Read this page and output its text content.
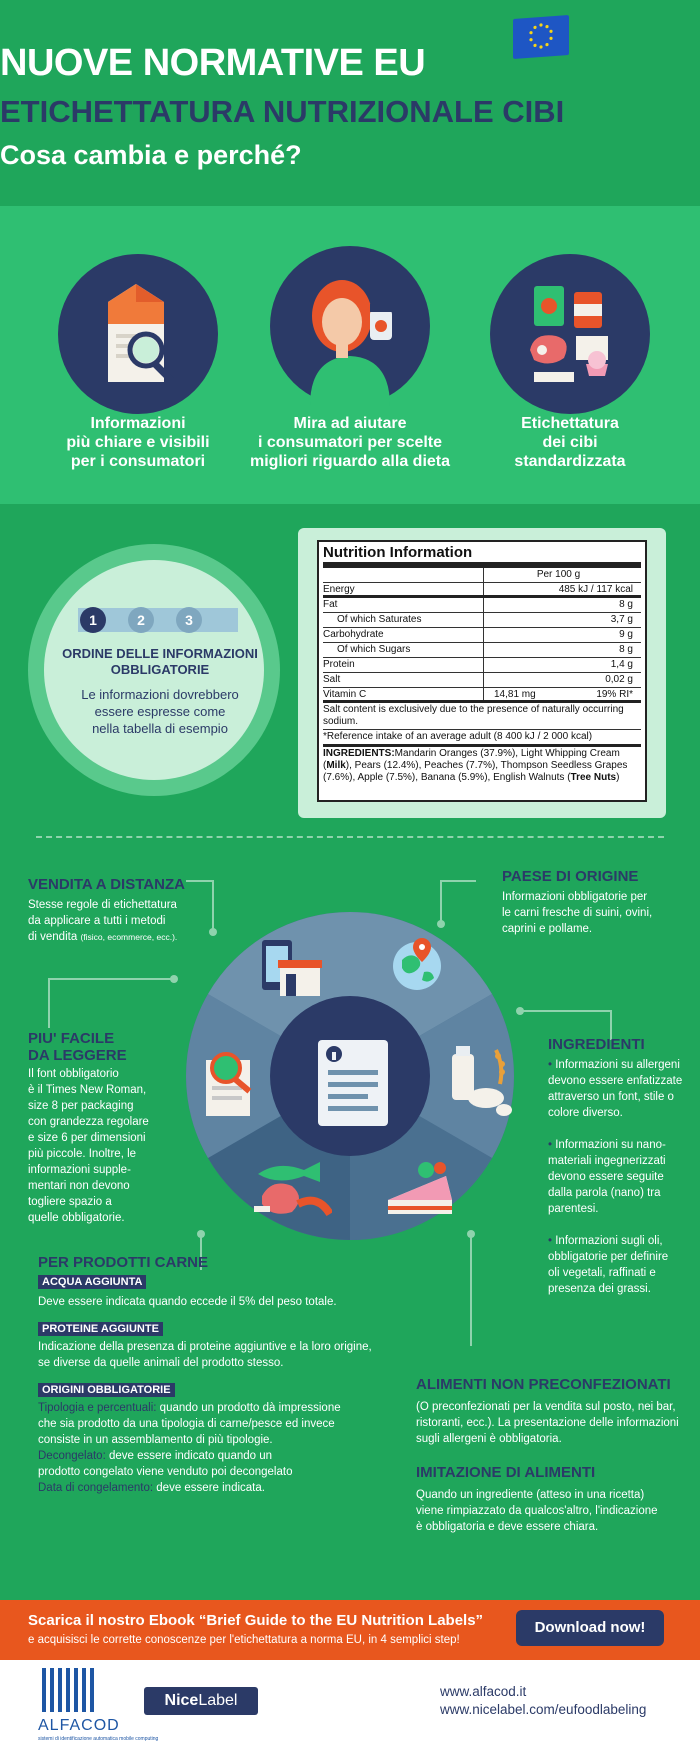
NUOVE NORMATIVE EU
ETICHETTATURA NUTRIZIONALE CIBI
Cosa cambia e perché?
Informazioni
più chiare e visibili
per i consumatori
Mira ad aiutare
i consumatori per scelte
migliori riguardo alla dieta
Etichettatura
dei cibi
standardizzata
1	2	3
ORDINE DELLE INFORMAZIONI
OBBLIGATORIE
Le informazioni dovrebbero
essere espresse come
nella tabella di esempio
Nutrition Information
Per 100 g
Energy	485 kJ / 117 kcal
Fat	8 g
Of which Saturates	3,7 g
Carbohydrate	9 g
Of which Sugars	8 g
Protein	1,4 g
Salt	0,02 g
Vitamin C	14,81 mg	19% RI*
Salt content is exclusively due to the presence of naturally occurring sodium.
*Reference intake of an average adult (8 400 kJ / 2 000 kcal)
INGREDIENTS:Mandarin Oranges (37.9%), Light Whipping Cream (Milk), Pears (12.4%), Peaches (7.7%), Thompson Seedless Grapes (7.6%), Apple (7.5%), Banana (5.9%), English Walnuts (Tree Nuts)
VENDITA A DISTANZA
Stesse regole di etichettatura
da applicare a tutti i metodi
di vendita (fisico, ecommerce, ecc.).
PAESE DI ORIGINE
Informazioni obbligatorie per
le carni fresche di suini, ovini,
caprini e pollame.
PIU' FACILE
DA LEGGERE
Il font obbligatorio
è il Times New Roman,
size 8 per packaging
con grandezza regolare
e size 6 per dimensioni
più piccole. Inoltre, le
informazioni supple-
mentari non devono
togliere spazio a
quelle obbligatorie.
INGREDIENTI
• Informazioni su allergeni
devono essere enfatizzate
attraverso un font, stile o
colore diverso.
• Informazioni su nano-
materiali ingegnerizzati
devono essere seguite
dalla parola (nano) tra
parentesi.
• Informazioni sugli oli,
obbligatorie per definire
oli vegetali, raffinati e
presenza dei grassi.
PER PRODOTTI CARNE
ACQUA AGGIUNTA
Deve essere indicata quando eccede il 5% del peso totale.
PROTEINE AGGIUNTE
Indicazione della presenza di proteine aggiuntive e la loro origine,
se diverse da quelle animali del prodotto stesso.
ORIGINI OBBLIGATORIE
Tipologia e percentuali: quando un prodotto dà impressione
che sia prodotto da una tipologia di carne/pesce ed invece
consiste in un assemblamento di più tipologie.
Decongelato: deve essere indicato quando un
prodotto congelato viene venduto poi decongelato
Data di congelamento: deve essere indicata.
ALIMENTI NON PRECONFEZIONATI
(O preconfezionati per la vendita sul posto, nei bar,
ristoranti, ecc.). La presentazione delle informazioni
sugli allergeni è obbligatoria.
IMITAZIONE DI ALIMENTI
Quando un ingrediente (atteso in una ricetta)
viene rimpiazzato da qualcos'altro, l'indicazione
è obbligatoria e deve essere chiara.
Scarica il nostro Ebook “Brief Guide to the EU Nutrition Labels”
e acquisisci le corrette conoscenze per l'etichettatura a norma EU, in 4 semplici step!
Download now!
ALFACOD
sistemi di identificazione automatica mobile computing
NiceLabel
www.alfacod.it
www.nicelabel.com/eufoodlabeling
